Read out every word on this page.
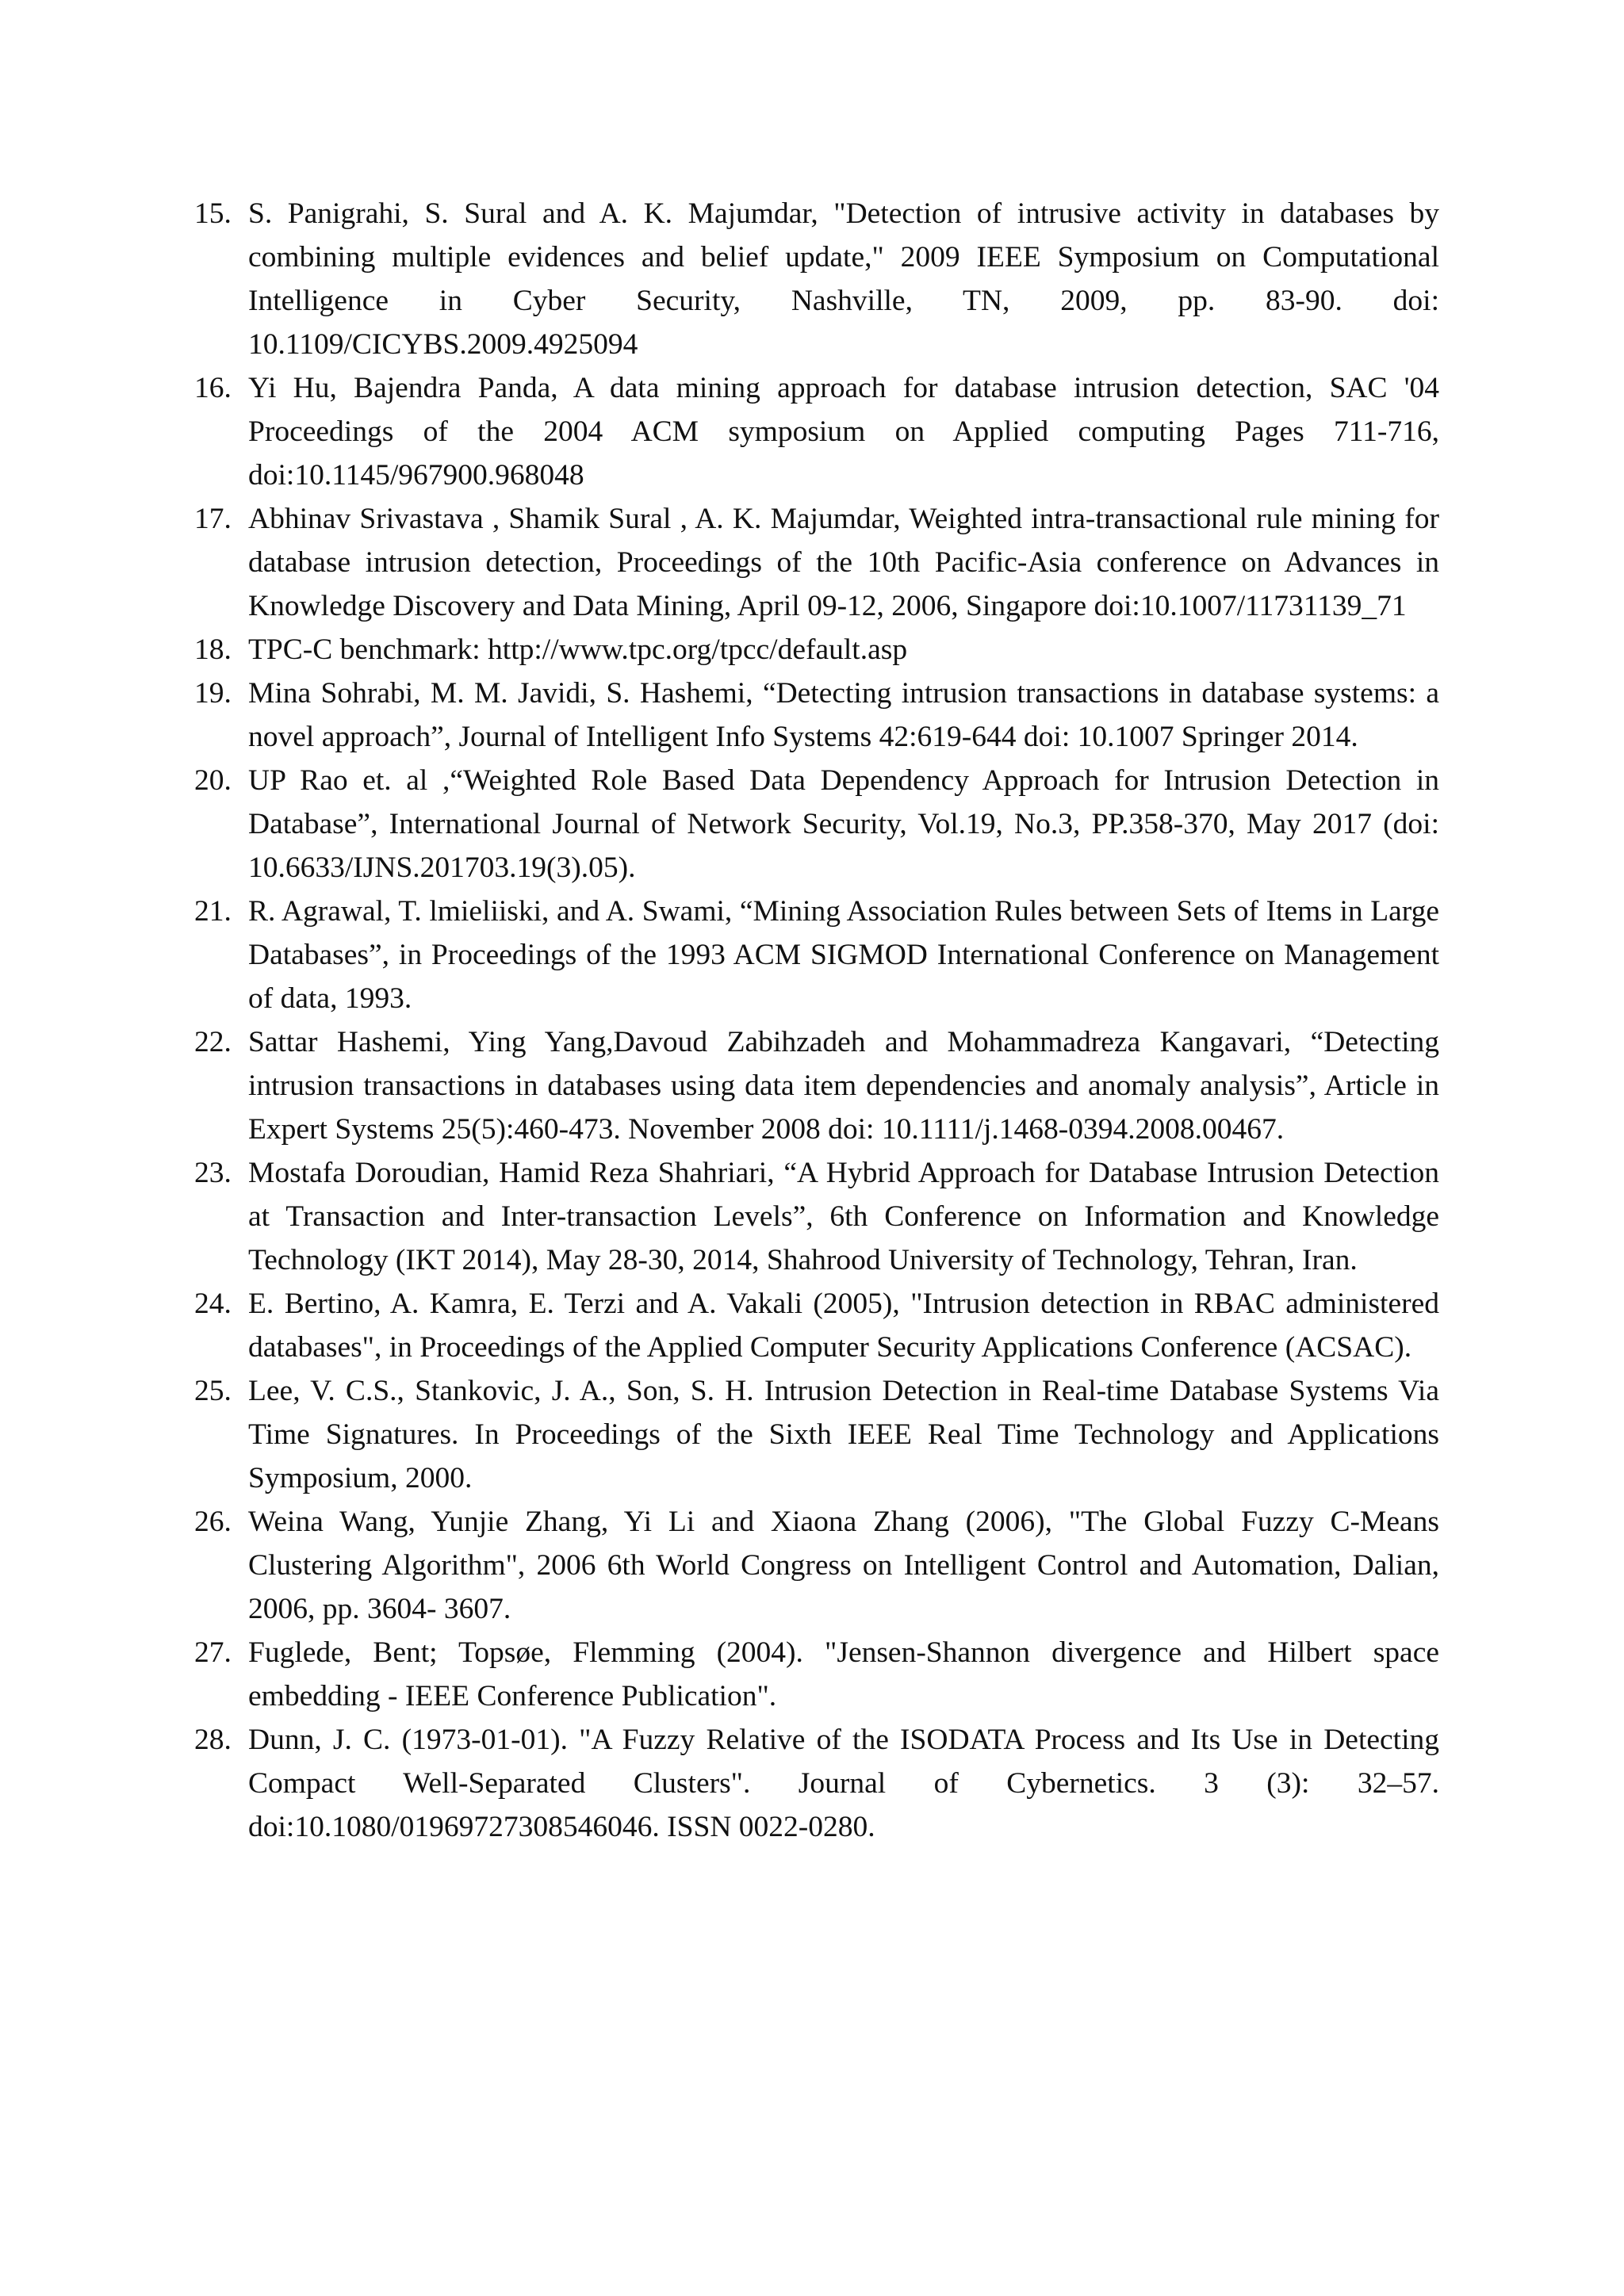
15. S. Panigrahi, S. Sural and A. K. Majumdar, "Detection of intrusive activity in databases by combining multiple evidences and belief update," 2009 IEEE Symposium on Computational Intelligence in Cyber Security, Nashville, TN, 2009, pp. 83-90. doi: 10.1109/CICYBS.2009.4925094
16. Yi Hu, Bajendra Panda, A data mining approach for database intrusion detection, SAC '04 Proceedings of the 2004 ACM symposium on Applied computing Pages 711-716, doi:10.1145/967900.968048
17. Abhinav Srivastava , Shamik Sural , A. K. Majumdar, Weighted intra-transactional rule mining for database intrusion detection, Proceedings of the 10th Pacific-Asia conference on Advances in Knowledge Discovery and Data Mining, April 09-12, 2006, Singapore doi:10.1007/11731139_71
18. TPC-C benchmark: http://www.tpc.org/tpcc/default.asp
19. Mina Sohrabi, M. M. Javidi, S. Hashemi, “Detecting intrusion transactions in database systems: a novel approach”, Journal of Intelligent Info Systems 42:619-644 doi: 10.1007 Springer 2014.
20. UP Rao et. al ,“Weighted Role Based Data Dependency Approach for Intrusion Detection in Database”, International Journal of Network Security, Vol.19, No.3, PP.358-370, May 2017 (doi: 10.6633/IJNS.201703.19(3).05).
21. R. Agrawal, T. lmieliiski, and A. Swami, “Mining Association Rules between Sets of Items in Large Databases”, in Proceedings of the 1993 ACM SIGMOD International Conference on Management of data, 1993.
22. Sattar Hashemi, Ying Yang,Davoud Zabihzadeh and Mohammadreza Kangavari, “Detecting intrusion transactions in databases using data item dependencies and anomaly analysis”, Article in Expert Systems 25(5):460-473. November 2008 doi: 10.1111/j.1468-0394.2008.00467.
23. Mostafa Doroudian, Hamid Reza Shahriari, “A Hybrid Approach for Database Intrusion Detection at Transaction and Inter-transaction Levels”, 6th Conference on Information and Knowledge Technology (IKT 2014), May 28-30, 2014, Shahrood University of Technology, Tehran, Iran.
24. E. Bertino, A. Kamra, E. Terzi and A. Vakali (2005), "Intrusion detection in RBAC administered databases", in Proceedings of the Applied Computer Security Applications Conference (ACSAC).
25. Lee, V. C.S., Stankovic, J. A., Son, S. H. Intrusion Detection in Real-time Database Systems Via Time Signatures. In Proceedings of the Sixth IEEE Real Time Technology and Applications Symposium, 2000.
26. Weina Wang, Yunjie Zhang, Yi Li and Xiaona Zhang (2006), "The Global Fuzzy C-Means Clustering Algorithm", 2006 6th World Congress on Intelligent Control and Automation, Dalian, 2006, pp. 3604- 3607.
27. Fuglede, Bent; Topsøe, Flemming (2004). "Jensen-Shannon divergence and Hilbert space embedding - IEEE Conference Publication".
28. Dunn, J. C. (1973-01-01). "A Fuzzy Relative of the ISODATA Process and Its Use in Detecting Compact Well-Separated Clusters". Journal of Cybernetics. 3 (3): 32–57. doi:10.1080/01969727308546046. ISSN 0022-0280.
